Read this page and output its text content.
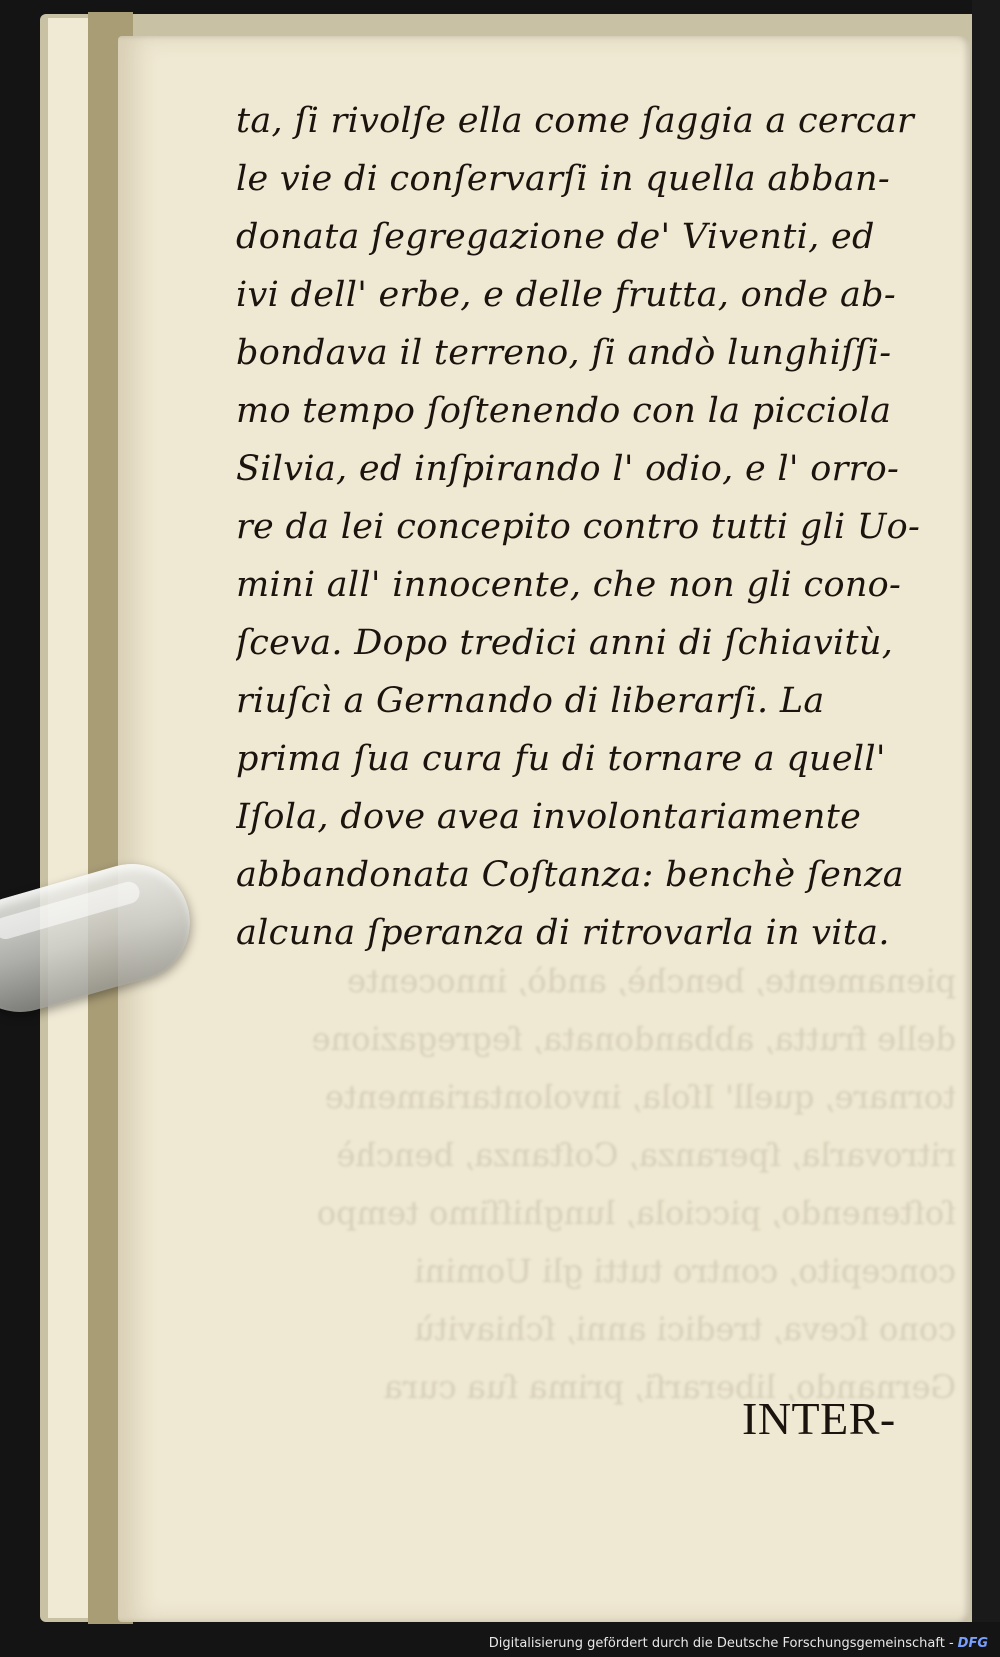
pienamente, benchè, andò, innocente
delle frutta, abbandonata, ſegregazione
tornare, quell' Iſola, involontariamente
ritrovarla, ſperanza, Coſtanza, benchè
ſoſtenendo, picciola, lunghiſſimo tempo
concepito, contro tutti gli Uomini
cono ſceva, tredici anni, ſchiavitù
Gernando, liberarſi, prima ſua cura
ta, ſi rivolſe ella come ſaggia a cercar
le vie di conſervarſi in quella abban-
donata ſegregazione de' Viventi, ed
ivi dell' erbe, e delle frutta, onde ab-
bondava il terreno, ſi andò lunghiſſi-
mo tempo ſoſtenendo con la picciola
Silvia, ed inſpirando l' odio, e l' orro-
re da lei concepito contro tutti gli Uo-
mini all' innocente, che non gli cono-
ſceva. Dopo tredici anni di ſchiavitù,
riuſcì a Gernando di liberarſi. La
prima ſua cura fu di tornare a quell'
Iſola, dove avea involontariamente
abbandonata Coſtanza: benchè ſenza
alcuna ſperanza di ritrovarla in vita.
INTER-
Digitalisierung gefördert durch die Deutsche Forschungsgemeinschaft - DFG
